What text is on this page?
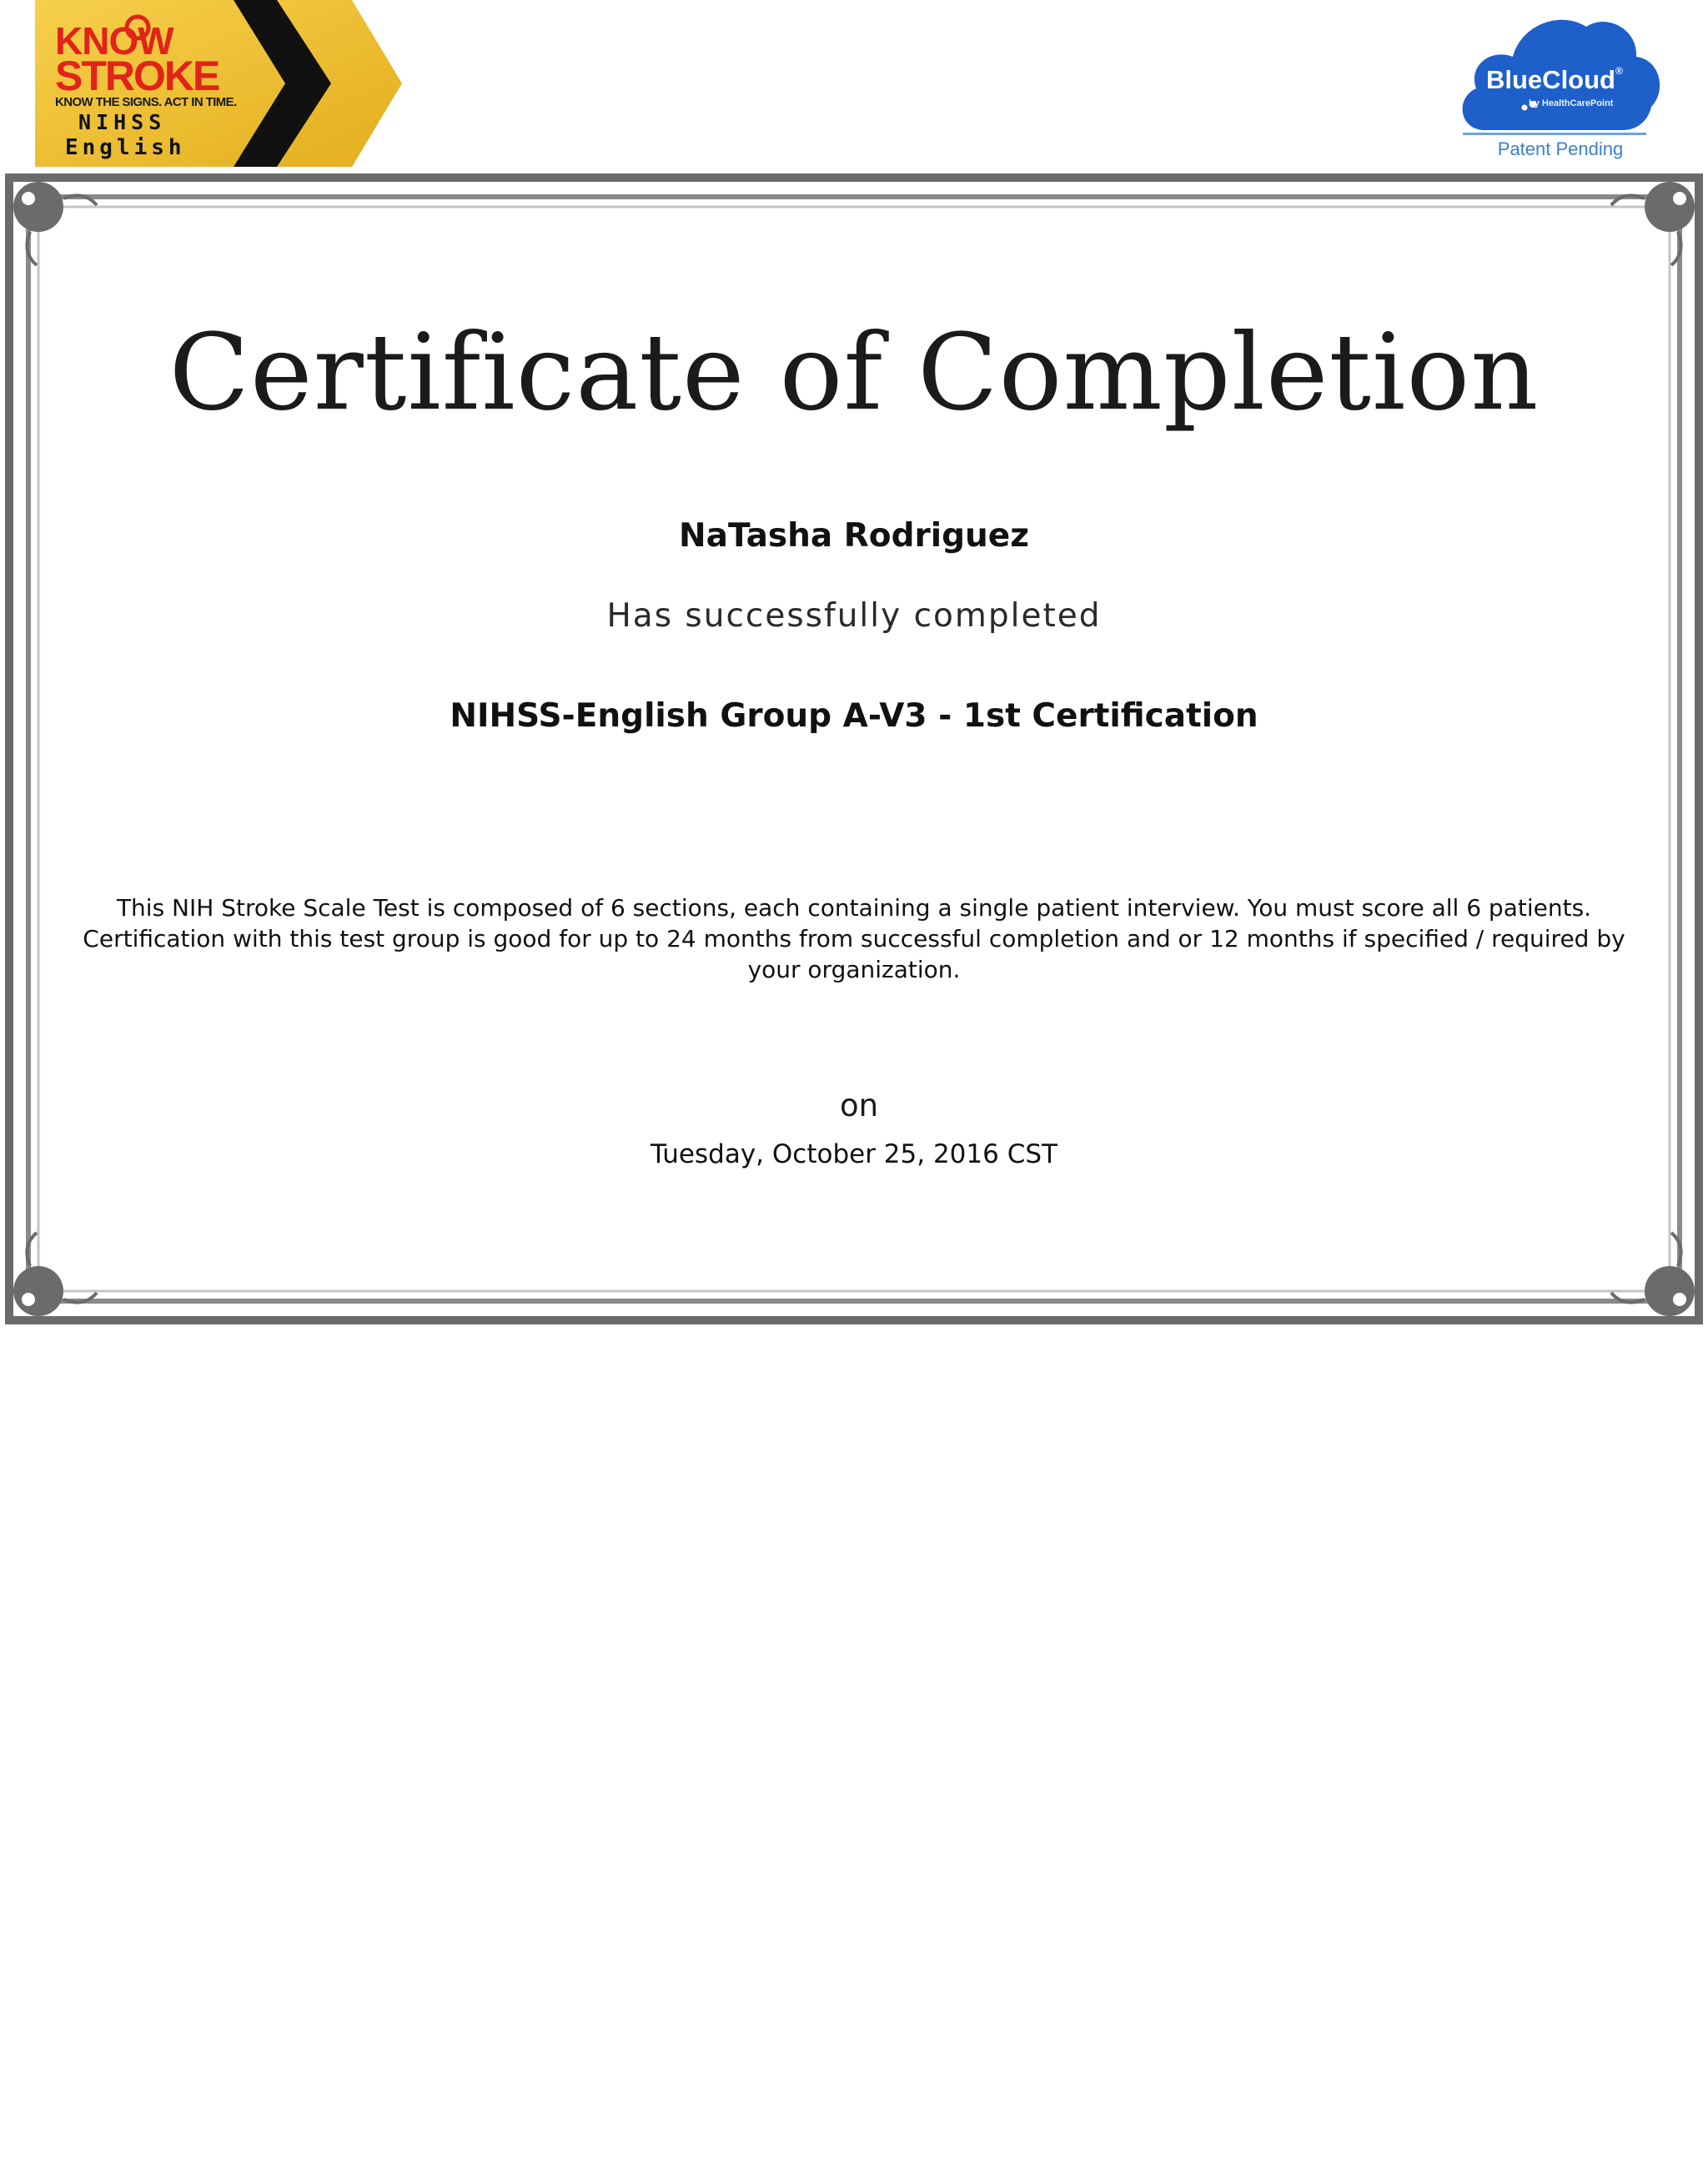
KNOW
STROKE
KNOW THE SIGNS. ACT IN TIME.
NIHSS
English
BlueCloud®
by HealthCarePoint
Patent Pending
Certificate of Completion
NaTasha Rodriguez
Has successfully completed
NIHSS-English Group A-V3 - 1st Certification
This NIH Stroke Scale Test is composed of 6 sections, each containing a single patient interview. You must score all 6 patients. Certification with this test group is good for up to 24 months from successful completion and or 12 months if specified / required by your organization.
on
Tuesday, October 25, 2016 CST
